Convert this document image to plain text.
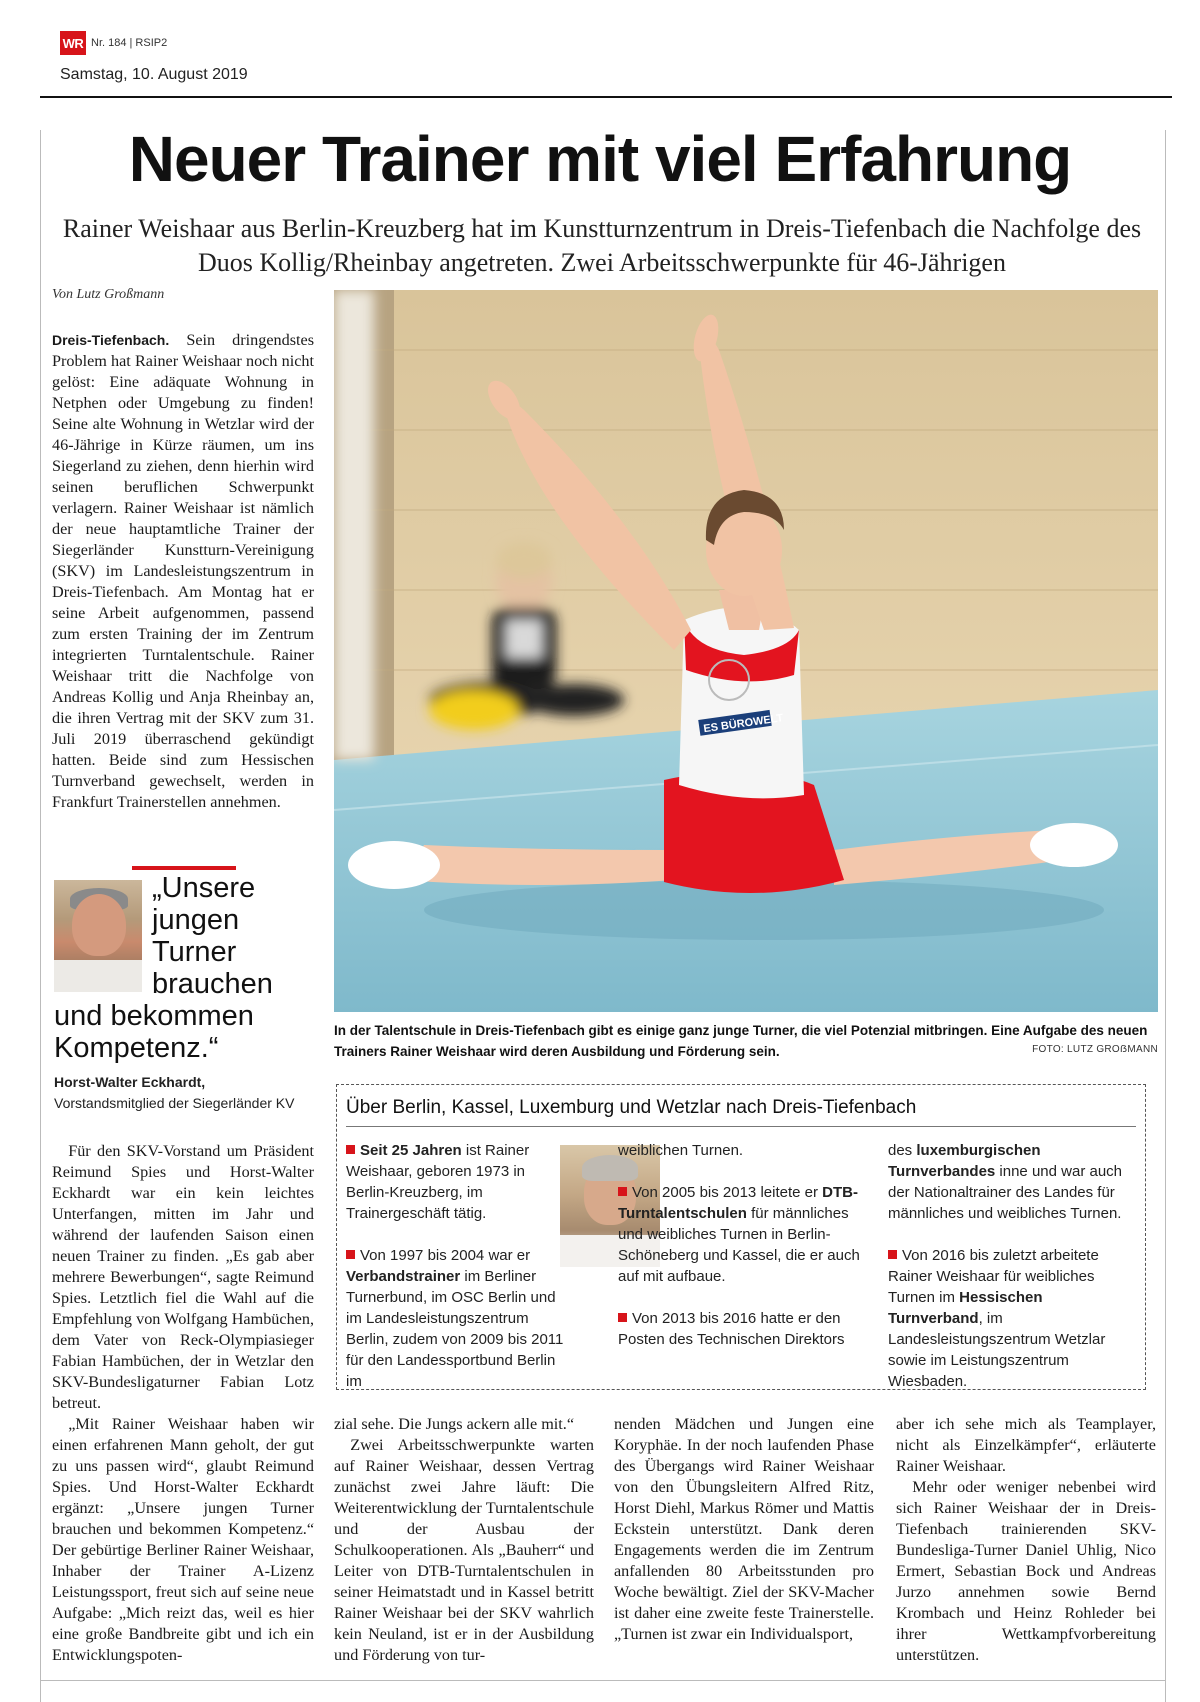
WR Nr. 184 | RSIP2
Samstag, 10. August 2019
Neuer Trainer mit viel Erfahrung
Rainer Weishaar aus Berlin-Kreuzberg hat im Kunstturnzentrum in Dreis-Tiefenbach die Nachfolge des Duos Kollig/Rheinbay angetreten. Zwei Arbeitsschwerpunkte für 46-Jährigen
Von Lutz Großmann
Dreis-Tiefenbach. Sein dringendstes Problem hat Rainer Weishaar noch nicht gelöst: Eine adäquate Wohnung in Netphen oder Umgebung zu finden! Seine alte Wohnung in Wetzlar wird der 46-Jährige in Kürze räumen, um ins Siegerland zu ziehen, denn hierhin wird seinen beruflichen Schwerpunkt verlagern. Rainer Weishaar ist nämlich der neue hauptamtliche Trainer der Siegerländer Kunstturn-Vereinigung (SKV) im Landesleistungszentrum in Dreis-Tiefenbach. Am Montag hat er seine Arbeit aufgenommen, passend zum ersten Training der im Zentrum integrierten Turntalentschule. Rainer Weishaar tritt die Nachfolge von Andreas Kollig und Anja Rheinbay an, die ihren Vertrag mit der SKV zum 31. Juli 2019 überraschend gekündigt hatten. Beide sind zum Hessischen Turnverband gewechselt, werden in Frankfurt Trainerstellen annehmen.
„Unsere
jungen
Turner
brauchen
und bekommen
Kompetenz.“
Horst-Walter Eckhardt, Vorstandsmitglied der Siegerländer KV

Für den SKV-Vorstand um Präsident Reimund Spies und Horst-Walter Eckhardt war ein kein leichtes Unterfangen, mitten im Jahr und während der laufenden Saison einen neuen Trainer zu finden. „Es gab aber mehrere Bewerbungen“, sagte Reimund Spies. Letztlich fiel die Wahl auf die Empfehlung von Wolfgang Hambüchen, dem Vater von Reck-Olympiasieger Fabian Hambüchen, der in Wetzlar den SKV-Bundesligaturner Fabian Lotz betreut.

„Mit Rainer Weishaar haben wir einen erfahrenen Mann geholt, der gut zu uns passen wird“, glaubt Reimund Spies. Und Horst-Walter Eckhardt ergänzt: „Unsere jungen Turner brauchen und bekommen Kompetenz.“ Der gebürtige Berliner Rainer Weishaar, Inhaber der Trainer A-Lizenz Leistungssport, freut sich auf seine neue Aufgabe: „Mich reizt das, weil es hier eine große Bandbreite gibt und ich ein Entwicklungspoten-

ES BÜROWELT
In der Talentschule in Dreis-Tiefenbach gibt es einige ganz junge Turner, die viel Potenzial mitbringen. Eine Aufgabe des neuen Trainers Rainer Weishaar wird deren Ausbildung und Förderung sein.	FOTO: LUTZ GROẞMANN
Über Berlin, Kassel, Luxemburg und Wetzlar nach Dreis-Tiefenbach

Seit 25 Jahren ist Rainer Weishaar, geboren 1973 in Berlin-Kreuzberg, im Trainergeschäft tätig.

Von 1997 bis 2004 war er Verbandstrainer im Berliner Turnerbund, im OSC Berlin und im Landesleistungszentrum Berlin, zudem von 2009 bis 2011 für den Landessportbund Berlin im

weiblichen Turnen.

Von 2005 bis 2013 leitete er DTB-Turntalentschulen für männliches und weibliches Turnen in Berlin-Schöneberg und Kassel, die er auch auf mit aufbaue.

Von 2013 bis 2016 hatte er den Posten des Technischen Direktors

des luxemburgischen Turnverbandes inne und war auch der Nationaltrainer des Landes für männliches und weibliches Turnen.

Von 2016 bis zuletzt arbeitete Rainer Weishaar für weibliches Turnen im Hessischen Turnverband, im Landesleistungszentrum Wetzlar sowie im Leistungszentrum Wiesbaden.

zial sehe. Die Jungs ackern alle mit.“

Zwei Arbeitsschwerpunkte warten auf Rainer Weishaar, dessen Vertrag zunächst zwei Jahre läuft: Die Weiterentwicklung der Turntalentschule und der Ausbau der Schulkooperationen. Als „Bauherr“ und Leiter von DTB-Turntalentschulen in seiner Heimatstadt und in Kassel betritt Rainer Weishaar bei der SKV wahrlich kein Neuland, ist er in der Ausbildung und Förderung von tur-

nenden Mädchen und Jungen eine Koryphäe. In der noch laufenden Phase des Übergangs wird Rainer Weishaar von den Übungsleitern Alfred Ritz, Horst Diehl, Markus Römer und Mattis Eckstein unterstützt. Dank deren Engagements werden die im Zentrum anfallenden 80 Arbeitsstunden pro Woche bewältigt. Ziel der SKV-Macher ist daher eine zweite feste Trainerstelle. „Turnen ist zwar ein Individualsport,
aber ich sehe mich als Teamplayer, nicht als Einzelkämpfer“, erläuterte Rainer Weishaar.

Mehr oder weniger nebenbei wird sich Rainer Weishaar der in Dreis-Tiefenbach trainierenden SKV-Bundesliga-Turner Daniel Uhlig, Nico Ermert, Sebastian Bock und Andreas Jurzo annehmen sowie Bernd Krombach und Heinz Rohleder bei ihrer Wettkampfvorbereitung unterstützen.
